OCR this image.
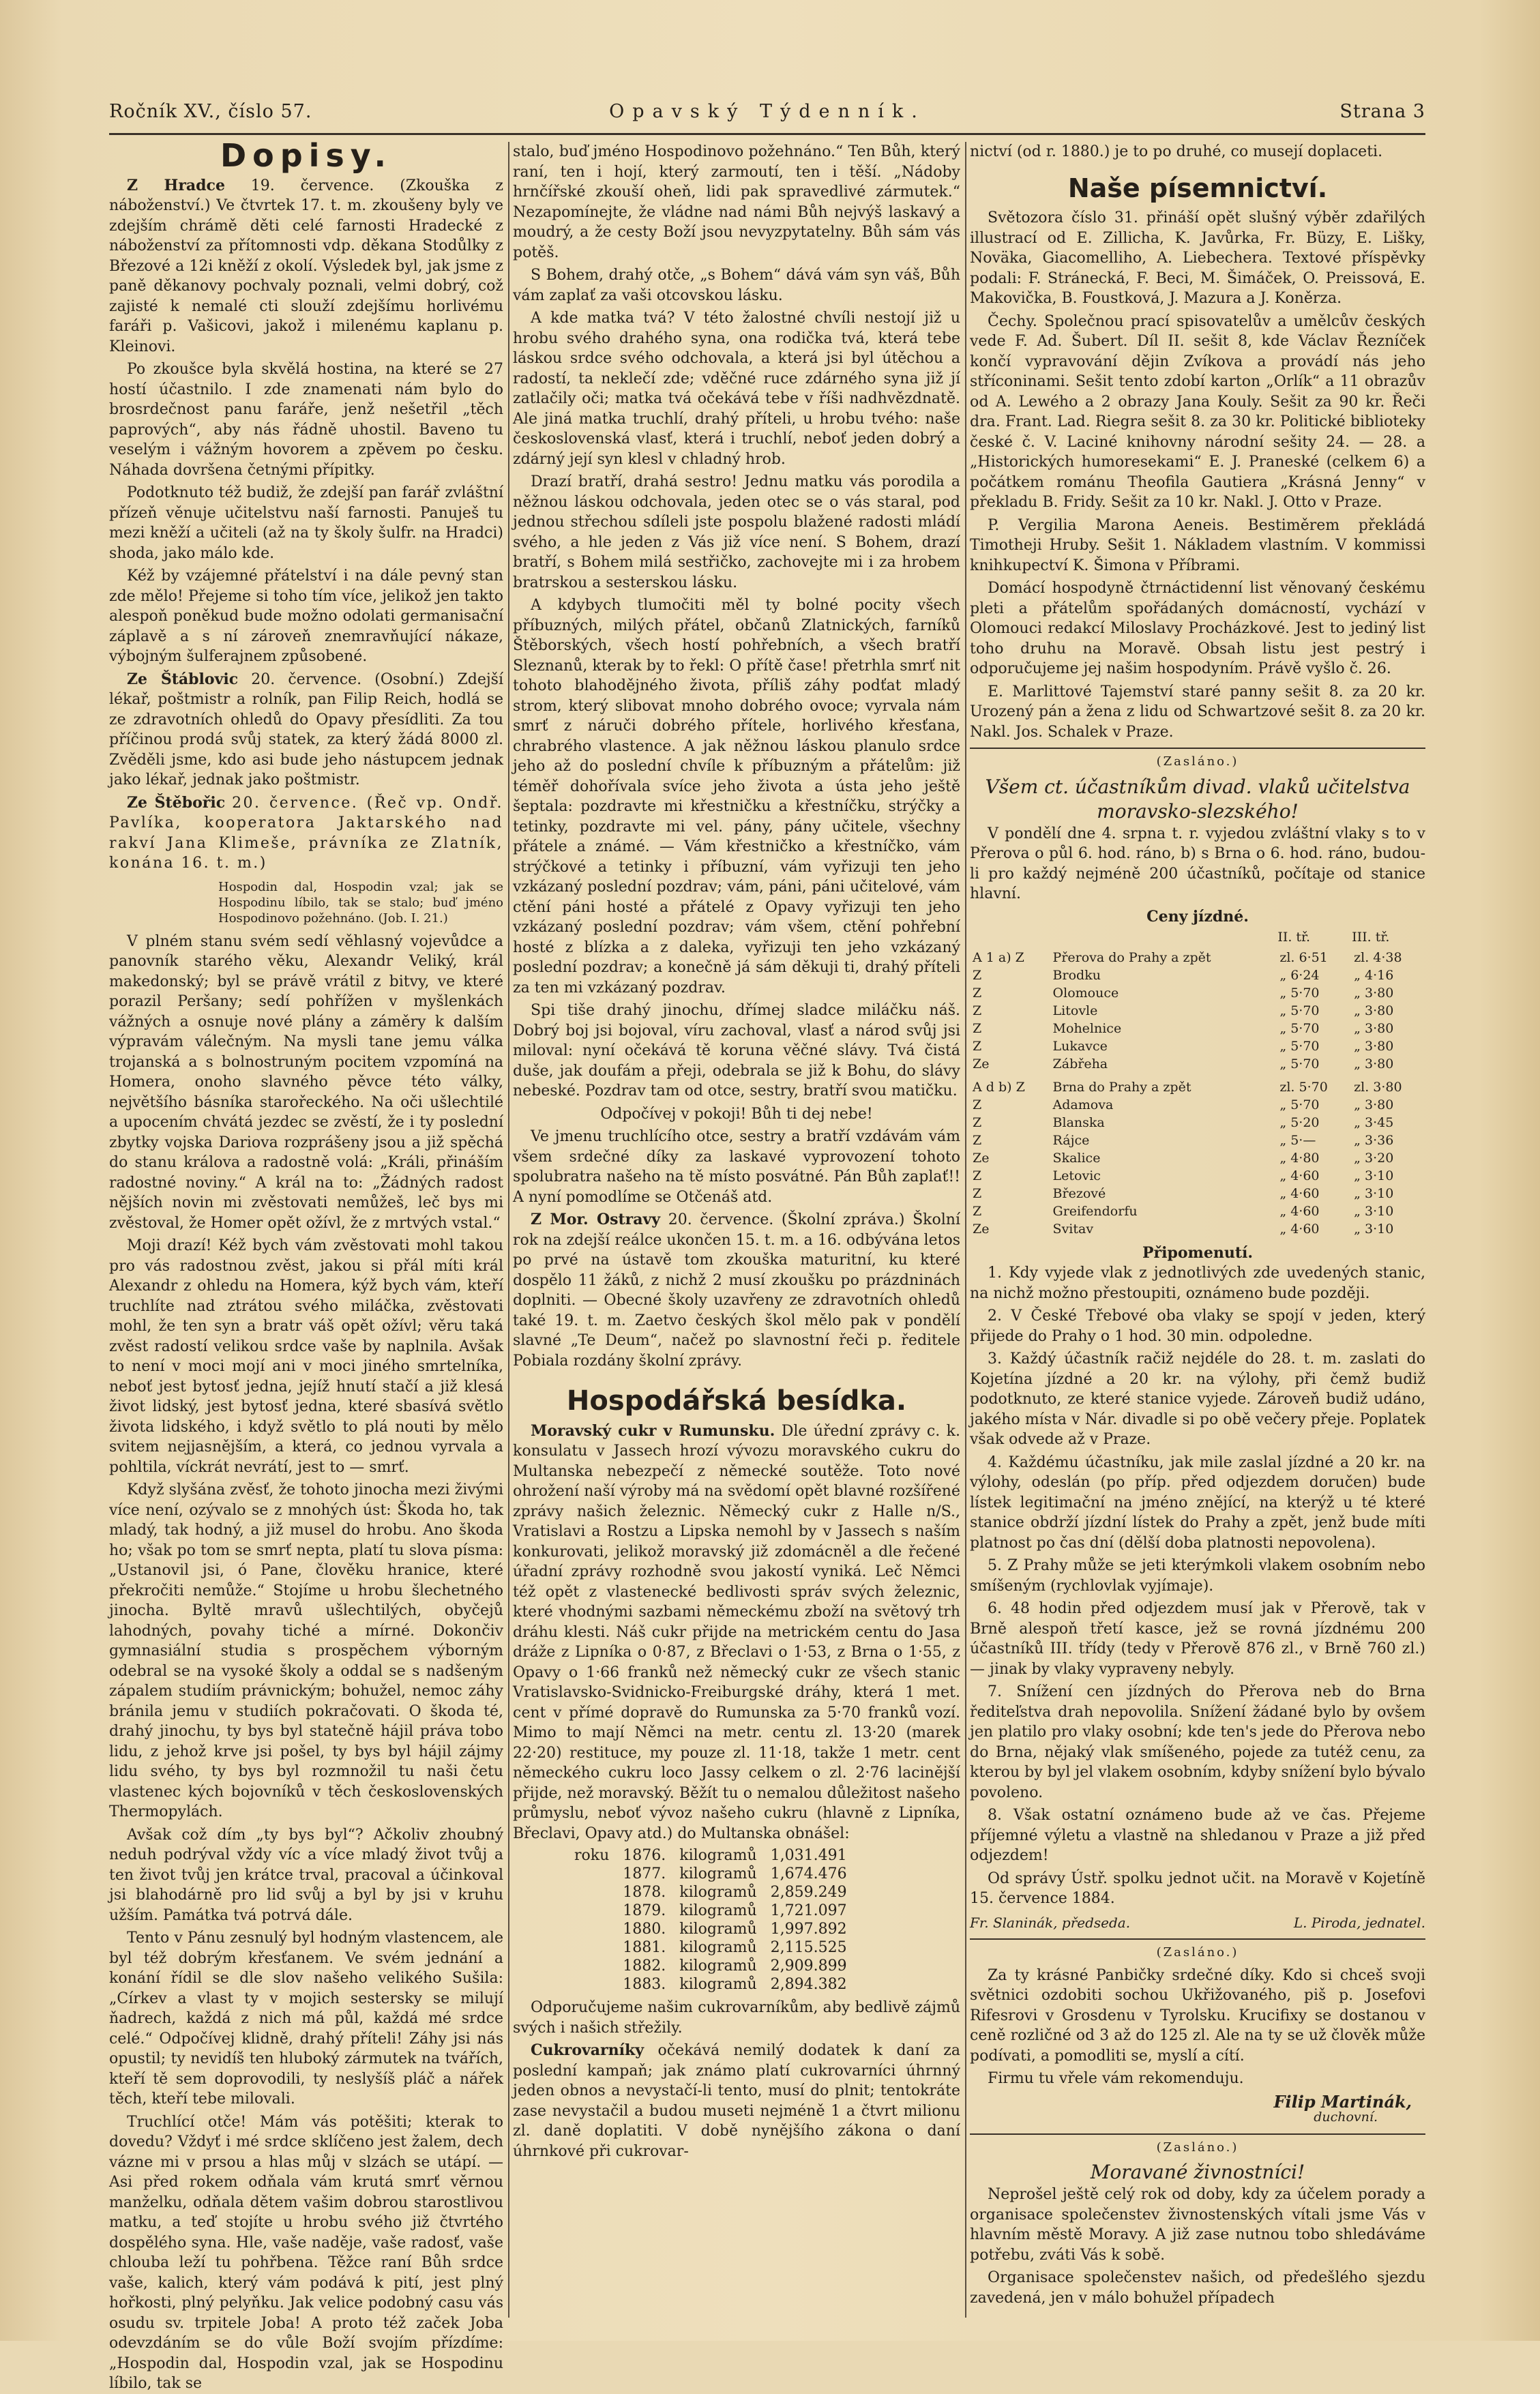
Ročník XV., číslo 57.	Opavský Týdenník.	Strana 3
Dopisy.

Z Hradce 19. července. (Zkouška z náboženství.) Ve čtvrtek 17. t. m. zkoušeny byly ve zdejším chrámě děti celé farnosti Hradecké z náboženství za přítomnosti vdp. děkana Stodůlky z Březové a 12i kněží z okolí. Výsledek byl, jak jsme z paně děkanovy pochvaly poznali, velmi dobrý, což zajisté k nemalé cti slouží zdejšímu horlivému faráři p. Vašicovi, jakož i milenému kaplanu p. Kleinovi.

Po zkoušce byla skvělá hostina, na které se 27 hostí účastnilo. I zde znamenati nám bylo do brosrdečnost panu faráře, jenž nešetřil „těch paprových“, aby nás řádně uhostil. Baveno tu veselým i vážným hovorem a zpěvem po česku. Náhada dovršena četnými přípitky.

Podotknuto též budiž, že zdejší pan farář zvláštní přízeň věnuje učitelstvu naší farnosti. Panuješ tu mezi kněží a učiteli (až na ty školy šulfr. na Hradci) shoda, jako málo kde.

Kéž by vzájemné přátelství i na dále pevný stan zde mělo! Přejeme si toho tím více, jelikož jen takto alespoň poněkud bude možno odolati germanisační záplavě a s ní zároveň znemravňující nákaze, výbojným šulferajnem způsobené.

Ze Štáblovic 20. července. (Osobní.) Zdejší lékař, poštmistr a rolník, pan Filip Reich, hodlá se ze zdravotních ohledů do Opavy přesídliti. Za tou příčinou prodá svůj statek, za který žádá 8000 zl. Zvěděli jsme, kdo asi bude jeho nástupcem jednak jako lékař, jednak jako poštmistr.

Ze Štěbořic 20. července. (Řeč vp. Ondř. Pavlíka, kooperatora Jaktarského nad rakví Jana Klimeše, právníka ze Zlatník, konána 16. t. m.)

Hospodin dal, Hospodin vzal; jak se Hospodinu líbilo, tak se stalo; buď jméno Hospodinovo požehnáno. (Job. I. 21.)

V plném stanu svém sedí věhlasný vojevůdce a panovník starého věku, Alexandr Veliký, král makedonský; byl se právě vrátil z bitvy, ve které porazil Peršany; sedí pohřížen v myšlenkách vážných a osnuje nové plány a záměry k dalším výpravám válečným. Na mysli tane jemu válka trojanská a s bolnostruným pocitem vzpomíná na Homera, onoho slavného pěvce této války, největšího básníka starořeckého. Na oči ušlechtilé a upocením chvátá jezdec se zvěstí, že i ty poslední zbytky vojska Dariova rozprášeny jsou a již spěchá do stanu králova a radostně volá: „Králi, přináším radostné noviny.“ A král na to: „Žádných radost nějších novin mi zvěstovati nemůžeš, leč bys mi zvěstoval, že Homer opět ožívl, že z mrtvých vstal.“

Moji drazí! Kéž bych vám zvěstovati mohl takou pro vás radostnou zvěst, jakou si přál míti král Alexandr z ohledu na Homera, kýž bych vám, kteří truchlíte nad ztrátou svého miláčka, zvěstovati mohl, že ten syn a bratr váš opět ožívl; věru taká zvěst radostí velikou srdce vaše by naplnila. Avšak to není v moci mojí ani v moci jiného smrtelníka, neboť jest bytosť jedna, jejíž hnutí stačí a již klesá život lidský, jest bytosť jedna, které sbasívá světlo života lidského, i když světlo to plá nouti by mělo svitem nejjasnějším, a která, co jednou vyrvala a pohltila, víckrát nevrátí, jest to — smrť.

Když slyšána zvěsť, že tohoto jinocha mezi živými více není, ozývalo se z mnohých úst: Škoda ho, tak mladý, tak hodný, a již musel do hrobu. Ano škoda ho; však po tom se smrť nepta, platí tu slova písma: „Ustanovil jsi, ó Pane, člověku hranice, které překročiti nemůže.“ Stojíme u hrobu šlechetného jinocha. Byltě mravů ušlechtilých, obyčejů lahodných, povahy tiché a mírné. Dokončiv gymnasiální studia s prospěchem výborným odebral se na vysoké školy a oddal se s nadšeným zápalem studiím právnickým; bohužel, nemoc záhy bránila jemu v studiích pokračovati. O škoda té, drahý jinochu, ty bys byl statečně hájil práva tobo lidu, z jehož krve jsi pošel, ty bys byl hájil zájmy lidu svého, ty bys byl rozmnožil tu naši četu vlastenec kých bojovníků v těch československých Thermopylách.

Avšak což dím „ty bys byl“? Ačkoliv zhoubný neduh podrýval vždy víc a více mladý život tvůj a ten život tvůj jen krátce trval, pracoval a účinkoval jsi blahodárně pro lid svůj a byl by jsi v kruhu užším. Památka tvá potrvá dále.

Tento v Pánu zesnulý byl hodným vlastencem, ale byl též dobrým křesťanem. Ve svém jednání a konání řídil se dle slov našeho velikého Sušila: „Církev a vlast ty v mojich sestersky se milují ňadrech, každá z nich má půl, každá mé srdce celé.“ Odpočívej klidně, drahý příteli! Záhy jsi nás opustil; ty nevidíš ten hluboký zármutek na tvářích, kteří tě sem doprovodili, ty neslyšíš pláč a nářek těch, kteří tebe milovali.

Truchlící otče! Mám vás potěšiti; kterak to dovedu? Vždyť i mé srdce sklíčeno jest žalem, dech vázne mi v prsou a hlas můj v slzách se utápí. — Asi před rokem odňala vám krutá smrť věrnou manželku, odňala dětem vašim dobrou starostlivou matku, a teď stojíte u hrobu svého již čtvrtého dospělého syna. Hle, vaše naděje, vaše radosť, vaše chlouba leží tu pohřbena. Těžce raní Bůh srdce vaše, kalich, který vám podává k pití, jest plný hořkosti, plný pelyňku. Jak velice podobný casu vás osudu sv. trpitele Joba! A proto též začek Joba odevzdáním se do vůle Boží svojím přízdíme: „Hospodin dal, Hospodin vzal, jak se Hospodinu líbilo, tak se

stalo, buď jméno Hospodinovo požehnáno.“ Ten Bůh, který raní, ten i hojí, který zarmoutí, ten i těší. „Nádoby hrnčířské zkouší oheň, lidi pak spravedlivé zármutek.“ Nezapomínejte, že vládne nad námi Bůh nejvýš laskavý a moudrý, a že cesty Boží jsou nevyzpytatelny. Bůh sám vás potěš.

S Bohem, drahý otče, „s Bohem“ dává vám syn váš, Bůh vám zaplať za vaši otcovskou lásku.

A kde matka tvá? V této žalostné chvíli nestojí již u hrobu svého drahého syna, ona rodička tvá, která tebe láskou srdce svého odchovala, a která jsi byl útěchou a radostí, ta neklečí zde; vděčné ruce zdárného syna již jí zatlačily oči; matka tvá očekává tebe v říši nadhvězdnatě. Ale jiná matka truchlí, drahý příteli, u hrobu tvého: naše československá vlasť, která i truchlí, neboť jeden dobrý a zdárný její syn klesl v chladný hrob.

Drazí bratří, drahá sestro! Jednu matku vás porodila a něžnou láskou odchovala, jeden otec se o vás staral, pod jednou střechou sdíleli jste pospolu blažené radosti mládí svého, a hle jeden z Vás již více není. S Bohem, drazí bratří, s Bohem milá sestřičko, zachovejte mi i za hrobem bratrskou a sesterskou lásku.

A kdybych tlumočiti měl ty bolné pocity všech příbuzných, milých přátel, občanů Zlatnických, farníků Štěborských, všech hostí pohřebních, a všech bratří Sleznanů, kterak by to řekl: O přítě čase! přetrhla smrť nit tohoto blahodějného života, příliš záhy podťat mladý strom, který slibovat mnoho dobrého ovoce; vyrvala nám smrť z náruči dobrého přítele, horlivého křesťana, chrabrého vlastence. A jak něžnou láskou planulo srdce jeho až do poslední chvíle k příbuzným a přátelům: již téměř dohořívala svíce jeho života a ústa jeho ještě šeptala: pozdravte mi křestničku a křestníčku, strýčky a tetinky, pozdravte mi vel. pány, pány učitele, všechny přátele a známé. — Vám křestničko a křestníčko, vám strýčkové a tetinky i příbuzní, vám vyřizuji ten jeho vzkázaný poslední pozdrav; vám, páni, páni učitelové, vám ctění páni hosté a přátelé z Opavy vyřizuji ten jeho vzkázaný poslední pozdrav; vám všem, ctění pohřební hosté z blízka a z daleka, vyřizuji ten jeho vzkázaný poslední pozdrav; a konečně já sám děkuji ti, drahý příteli za ten mi vzkázaný pozdrav.

Spi tiše drahý jinochu, dřímej sladce miláčku náš. Dobrý boj jsi bojoval, víru zachoval, vlasť a národ svůj jsi miloval: nyní očekává tě koruna věčné slávy. Tvá čistá duše, jak doufám a přeji, odebrala se již k Bohu, do slávy nebeské. Pozdrav tam od otce, sestry, bratří svou matičku.

Odpočívej v pokoji! Bůh ti dej nebe!

Ve jmenu truchlícího otce, sestry a bratří vzdávám vám všem srdečné díky za laskavé vyprovození tohoto spolubratra našeho na tě místo posvátné. Pán Bůh zaplať!! A nyní pomodlíme se Otčenáš atd.

Z Mor. Ostravy 20. července. (Školní zpráva.) Školní rok na zdejší reálce ukončen 15. t. m. a 16. odbývána letos po prvé na ústavě tom zkouška maturitní, ku které dospělo 11 žáků, z nichž 2 musí zkoušku po prázdninách doplniti. — Obecné školy uzavřeny ze zdravotních ohledů také 19. t. m. Zaetvo českých škol mělo pak v pondělí slavné „Te Deum“, načež po slavnostní řeči p. ředitele Pobiala rozdány školní zprávy.

Hospodářská besídka.

Moravský cukr v Rumunsku. Dle úřední zprávy c. k. konsulatu v Jassech hrozí vývozu moravského cukru do Multanska nebezpečí z německé soutěže. Toto nové ohrožení naší výroby má na svědomí opět blavné rozšířené zprávy našich železnic. Německý cukr z Halle n/S., Vratislavi a Rostzu a Lipska nemohl by v Jassech s naším konkurovati, jelikož moravský již zdomácněl a dle řečené úřadní zprávy rozhodně svou jakostí vyniká. Leč Němci též opět z vlastenecké bedlivosti správ svých železnic, které vhodnými sazbami německému zboží na světový trh dráhu klesti. Náš cukr přijde na metrickém centu do Jasa dráže z Lipníka o 0·87, z Břeclavi o 1·53, z Brna o 1·55, z Opavy o 1·66 franků než německý cukr ze všech stanic Vratislavsko-Svidnicko-Freiburgské dráhy, která 1 met. cent v přímé dopravě do Rumunska za 5·70 franků vozí. Mimo to mají Němci na metr. centu zl. 13·20 (marek 22·20) restituce, my pouze zl. 11·18, takže 1 metr. cent německého cukru loco Jassy celkem o zl. 2·76 lacinější přijde, než moravský. Běžít tu o nemalou důležitost našeho průmyslu, neboť vývoz našeho cukru (hlavně z Lipníka, Břeclavi, Opavy atd.) do Multanska obnášel:

roku	1876.	kilogramů	1,031.491
	1877.	kilogramů	1,674.476
	1878.	kilogramů	2,859.249
	1879.	kilogramů	1,721.097
	1880.	kilogramů	1,997.892
	1881.	kilogramů	2,115.525
	1882.	kilogramů	2,909.899
	1883.	kilogramů	2,894.382

Odporučujeme našim cukrovarníkům, aby bedlivě zájmů svých i našich střežily.

Cukrovarníky očekává nemilý dodatek k daní za poslední kampaň; jak známo platí cukrovarníci úhrnný jeden obnos a nevystačí-li tento, musí do plnit; tentokráte zase nevystačil a budou museti nejméně 1 a čtvrt milionu zl. daně doplatiti. V době nynějšího zákona o daní úhrnkové při cukrovar-

nictví (od r. 1880.) je to po druhé, co musejí doplaceti.

Naše písemnictví.

Světozora číslo 31. přináší opět slušný výběr zdařilých illustrací od E. Zillicha, K. Javůrka, Fr. Büzy, E. Lišky, Noväka, Giacomelliho, A. Liebechera. Textové příspěvky podali: F. Stránecká, F. Beci, M. Šimáček, O. Preissová, E. Makovička, B. Foustková, J. Mazura a J. Koněrza.

Čechy. Společnou prací spisovatelův a umělcův českých vede F. Ad. Šubert. Díl II. sešit 8, kde Václav Řezníček končí vypravování dějin Zvíkova a provádí nás jeho stříconinami. Sešit tento zdobí karton „Orlík“ a 11 obrazův od A. Lewého a 2 obrazy Jana Kouly. Sešit za 90 kr. Řeči dra. Frant. Lad. Riegra sešit 8. za 30 kr. Politické biblioteky české č. V. Laciné knihovny národní sešity 24. — 28. a „Historických humoresekami“ E. J. Praneské (celkem 6) a počátkem románu Theofila Gautiera „Krásná Jenny“ v překladu B. Fridy. Sešit za 10 kr. Nakl. J. Otto v Praze.

P. Vergilia Marona Aeneis. Bestiměrem překládá Timotheji Hruby. Sešit 1. Nákladem vlastním. V kommissi knihkupectví K. Šimona v Příbrami.

Domácí hospodyně čtrnáctidenní list věnovaný českému pleti a přátelům spořádaných domácností, vychází v Olomouci redakcí Miloslavy Procházkové. Jest to jediný list toho druhu na Moravě. Obsah listu jest pestrý i odporučujeme jej našim hospodyním. Právě vyšlo č. 26.

E. Marlittové Tajemství staré panny sešit 8. za 20 kr. Urozený pán a žena z lidu od Schwartzové sešit 8. za 20 kr. Nakl. Jos. Schalek v Praze.

(Zasláno.)
Všem ct. účastníkům divad. vlaků učitelstva moravsko-slezského!

V pondělí dne 4. srpna t. r. vyjedou zvláštní vlaky s to v Přerova o půl 6. hod. ráno, b) s Brna o 6. hod. ráno, budou-li pro každý nejméně 200 účastníků, počítaje od stanice hlavní.

Ceny jízdné.
		II. tř.	III. tř.
A 1 a) Z	Přerova do Prahy a zpět	zl. 6·51	zl. 4·38
Z	Brodku	„ 6·24	„ 4·16
Z	Olomouce	„ 5·70	„ 3·80
Z	Litovle	„ 5·70	„ 3·80
Z	Mohelnice	„ 5·70	„ 3·80
Z	Lukavce	„ 5·70	„ 3·80
Ze	Zábřeha	„ 5·70	„ 3·80

A d b) Z	Brna do Prahy a zpět	zl. 5·70	zl. 3·80
Z	Adamova	„ 5·70	„ 3·80
Z	Blanska	„ 5·20	„ 3·45
Z	Rájce	„ 5·—	„ 3·36
Ze	Skalice	„ 4·80	„ 3·20
Z	Letovic	„ 4·60	„ 3·10
Z	Březové	„ 4·60	„ 3·10
Z	Greifendorfu	„ 4·60	„ 3·10
Ze	Svitav	„ 4·60	„ 3·10

Připomenutí.

1. Kdy vyjede vlak z jednotlivých zde uvedených stanic, na nichž možno přestoupiti, oznámeno bude později.

2. V České Třebové oba vlaky se spojí v jeden, který přijede do Prahy o 1 hod. 30 min. odpoledne.

3. Každý účastník račiž nejdéle do 28. t. m. zaslati do Kojetína jízdné a 20 kr. na výlohy, při čemž budiž podotknuto, ze které stanice vyjede. Zároveň budiž udáno, jakého místa v Nár. divadle si po obě večery přeje. Poplatek však odvede až v Praze.

4. Každému účastníku, jak mile zaslal jízdné a 20 kr. na výlohy, odeslán (po příp. před odjezdem doručen) bude lístek legitimační na jméno znějící, na kterýž u té které stanice obdrží jízdní lístek do Prahy a zpět, jenž bude míti platnost po čas dní (dělší doba platnosti nepovolena).

5. Z Prahy může se jeti kterýmkoli vlakem osobním nebo smíšeným (rychlovlak vyjímaje).

6. 48 hodin před odjezdem musí jak v Přerově, tak v Brně alespoň třetí kasce, jež se rovná jízdnému 200 účastníků III. třídy (tedy v Přerově 876 zl., v Brně 760 zl.) — jinak by vlaky vypraveny nebyly.

7. Snížení cen jízdných do Přerova neb do Brna řediteľstva drah nepovolila. Snížení žádané bylo by ovšem jen platilo pro vlaky osobní; kde ten's jede do Přerova nebo do Brna, nějaký vlak smíšeného, pojede za tutéž cenu, za kterou by byl jel vlakem osobním, kdyby snížení bylo bývalo povoleno.

8. Však ostatní oznámeno bude až ve čas. Přejeme příjemné výletu a vlastně na shledanou v Praze a již před odjezdem!

Od správy Ústř. spolku jednot učit. na Moravě v Kojetíně 15. července 1884.

Fr. Slaninák, předseda.	L. Piroda, jednatel.
(Zasláno.)

Za ty krásné Panbičky srdečné díky. Kdo si chceš svoji světnici ozdobiti sochou Ukřižovaného, piš p. Josefovi Rifesrovi v Grosdenu v Tyrolsku. Krucifixy se dostanou v ceně rozličné od 3 až do 125 zl. Ale na ty se už člověk může podívati, a pomodliti se, myslí a cítí.

Firmu tu vřele vám rekomenduju.

Filip Martinák,
duchovní.
(Zasláno.)
Moravané živnostníci!

Neprošel ještě celý rok od doby, kdy za účelem porady a organisace společenstev živnostenských vítali jsme Vás v hlavním městě Moravy. A již zase nutnou tobo shledáváme potřebu, zváti Vás k sobě.

Organisace společenstev našich, od předešlého sjezdu zavedená, jen v málo bohužel případech
